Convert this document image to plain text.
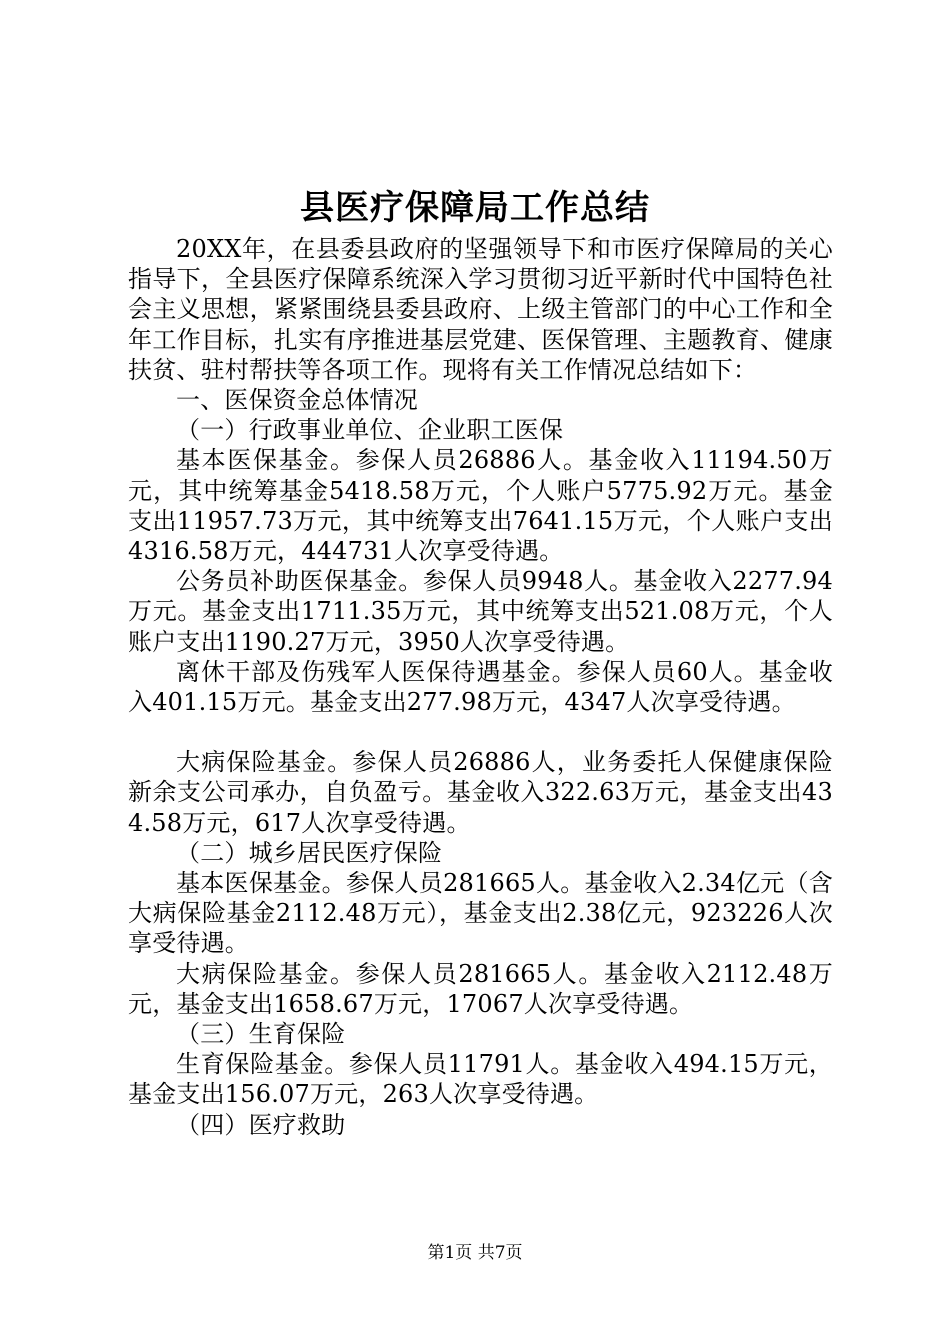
县医疗保障局工作总结

20XX年，在县委县政府的坚强领导下和市医疗保障局的关心指导下，全县医疗保障系统深入学习贯彻习近平新时代中国特色社会主义思想，紧紧围绕县委县政府、上级主管部门的中心工作和全年工作目标，扎实有序推进基层党建、医保管理、主题教育、健康扶贫、驻村帮扶等各项工作。现将有关工作情况总结如下：

一、医保资金总体情况

（一）行政事业单位、企业职工医保

基本医保基金。参保人员26886人。基金收入11194.50万元，其中统筹基金5418.58万元，个人账户5775.92万元。基金支出11957.73万元，其中统筹支出7641.15万元，个人账户支出4316.58万元，444731人次享受待遇。

公务员补助医保基金。参保人员9948人。基金收入2277.94万元。基金支出1711.35万元，其中统筹支出521.08万元，个人账户支出1190.27万元，3950人次享受待遇。

离休干部及伤残军人医保待遇基金。参保人员60人。基金收入401.15万元。基金支出277.98万元，4347人次享受待遇。

大病保险基金。参保人员26886人，业务委托人保健康保险新余支公司承办，自负盈亏。基金收入322.63万元，基金支出434.58万元，617人次享受待遇。

（二）城乡居民医疗保险

基本医保基金。参保人员281665人。基金收入2.34亿元（含大病保险基金2112.48万元），基金支出2.38亿元，923226人次享受待遇。

大病保险基金。参保人员281665人。基金收入2112.48万元，基金支出1658.67万元，17067人次享受待遇。

（三）生育保险

生育保险基金。参保人员11791人。基金收入494.15万元，基金支出156.07万元，263人次享受待遇。

（四）医疗救助

第1页 共7页
